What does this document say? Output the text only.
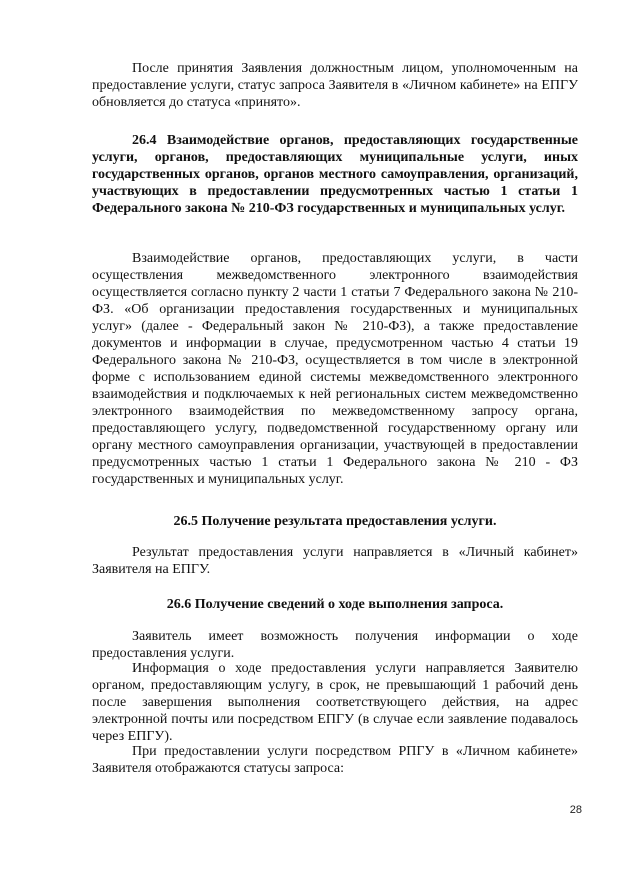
После принятия Заявления должностным лицом, уполномоченным на предоставление услуги, статус запроса Заявителя в «Личном кабинете» на ЕПГУ обновляется до статуса «принято».

26.4 Взаимодействие органов, предоставляющих государственные услуги, органов, предоставляющих муниципальные услуги, иных государственных органов, органов местного самоуправления, организаций, участвующих в предоставлении предусмотренных частью 1 статьи 1 Федерального закона № 210-ФЗ государственных и муниципальных услуг.

Взаимодействие органов, предоставляющих услуги, в части осуществления межведомственного электронного взаимодействия осуществляется согласно пункту 2 части 1 статьи 7 Федерального закона № 210-ФЗ. «Об организации предоставления государственных и муниципальных услуг» (далее - Федеральный закон № 210-ФЗ), а также предоставление документов и информации в случае, предусмотренном частью 4 статьи 19 Федерального закона № 210-ФЗ, осуществляется в том числе в электронной форме с использованием единой системы межведомственного электронного взаимодействия и подключаемых к ней региональных систем межведомственно электронного взаимодействия по межведомственному запросу органа, предоставляющего услугу, подведомственной государственному органу или органу местного самоуправления организации, участвующей в предоставлении предусмотренных частью 1 статьи 1 Федерального закона № 210 - ФЗ государственных и муниципальных услуг.

26.5 Получение результата предоставления услуги.

Результат предоставления услуги направляется в «Личный кабинет» Заявителя на ЕПГУ.

26.6 Получение сведений о ходе выполнения запроса.

Заявитель имеет возможность получения информации о ходе предоставления услуги.

Информация о ходе предоставления услуги направляется Заявителю органом, предоставляющим услугу, в срок, не превышающий 1 рабочий день после завершения выполнения соответствующего действия, на адрес электронной почты или посредством ЕПГУ (в случае если заявление подавалось через ЕПГУ).

При предоставлении услуги посредством РПГУ в «Личном кабинете» Заявителя отображаются статусы запроса:

28
